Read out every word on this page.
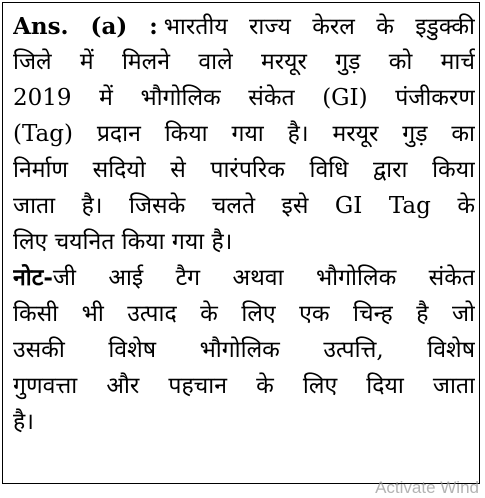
Ans. (a) : भारतीय राज्य केरल के इडुक्की
जिले में मिलने वाले मरयूर गुड़ को मार्च
2019 में भौगोलिक संकेत (GI) पंजीकरण
(Tag) प्रदान किया गया है। मरयूर गुड़ का
निर्माण सदियो से पारंपरिक विधि द्वारा किया
जाता है। जिसके चलते इसे GI Tag के
लिए चयनित किया गया है।
नोट-जी आई टैग अथवा भौगोलिक संकेत
किसी भी उत्पाद के लिए एक चिन्ह है जो
उसकी विशेष भौगोलिक उत्पत्ति, विशेष
गुणवत्ता और पहचान के लिए दिया जाता
है।
Activate Wind
